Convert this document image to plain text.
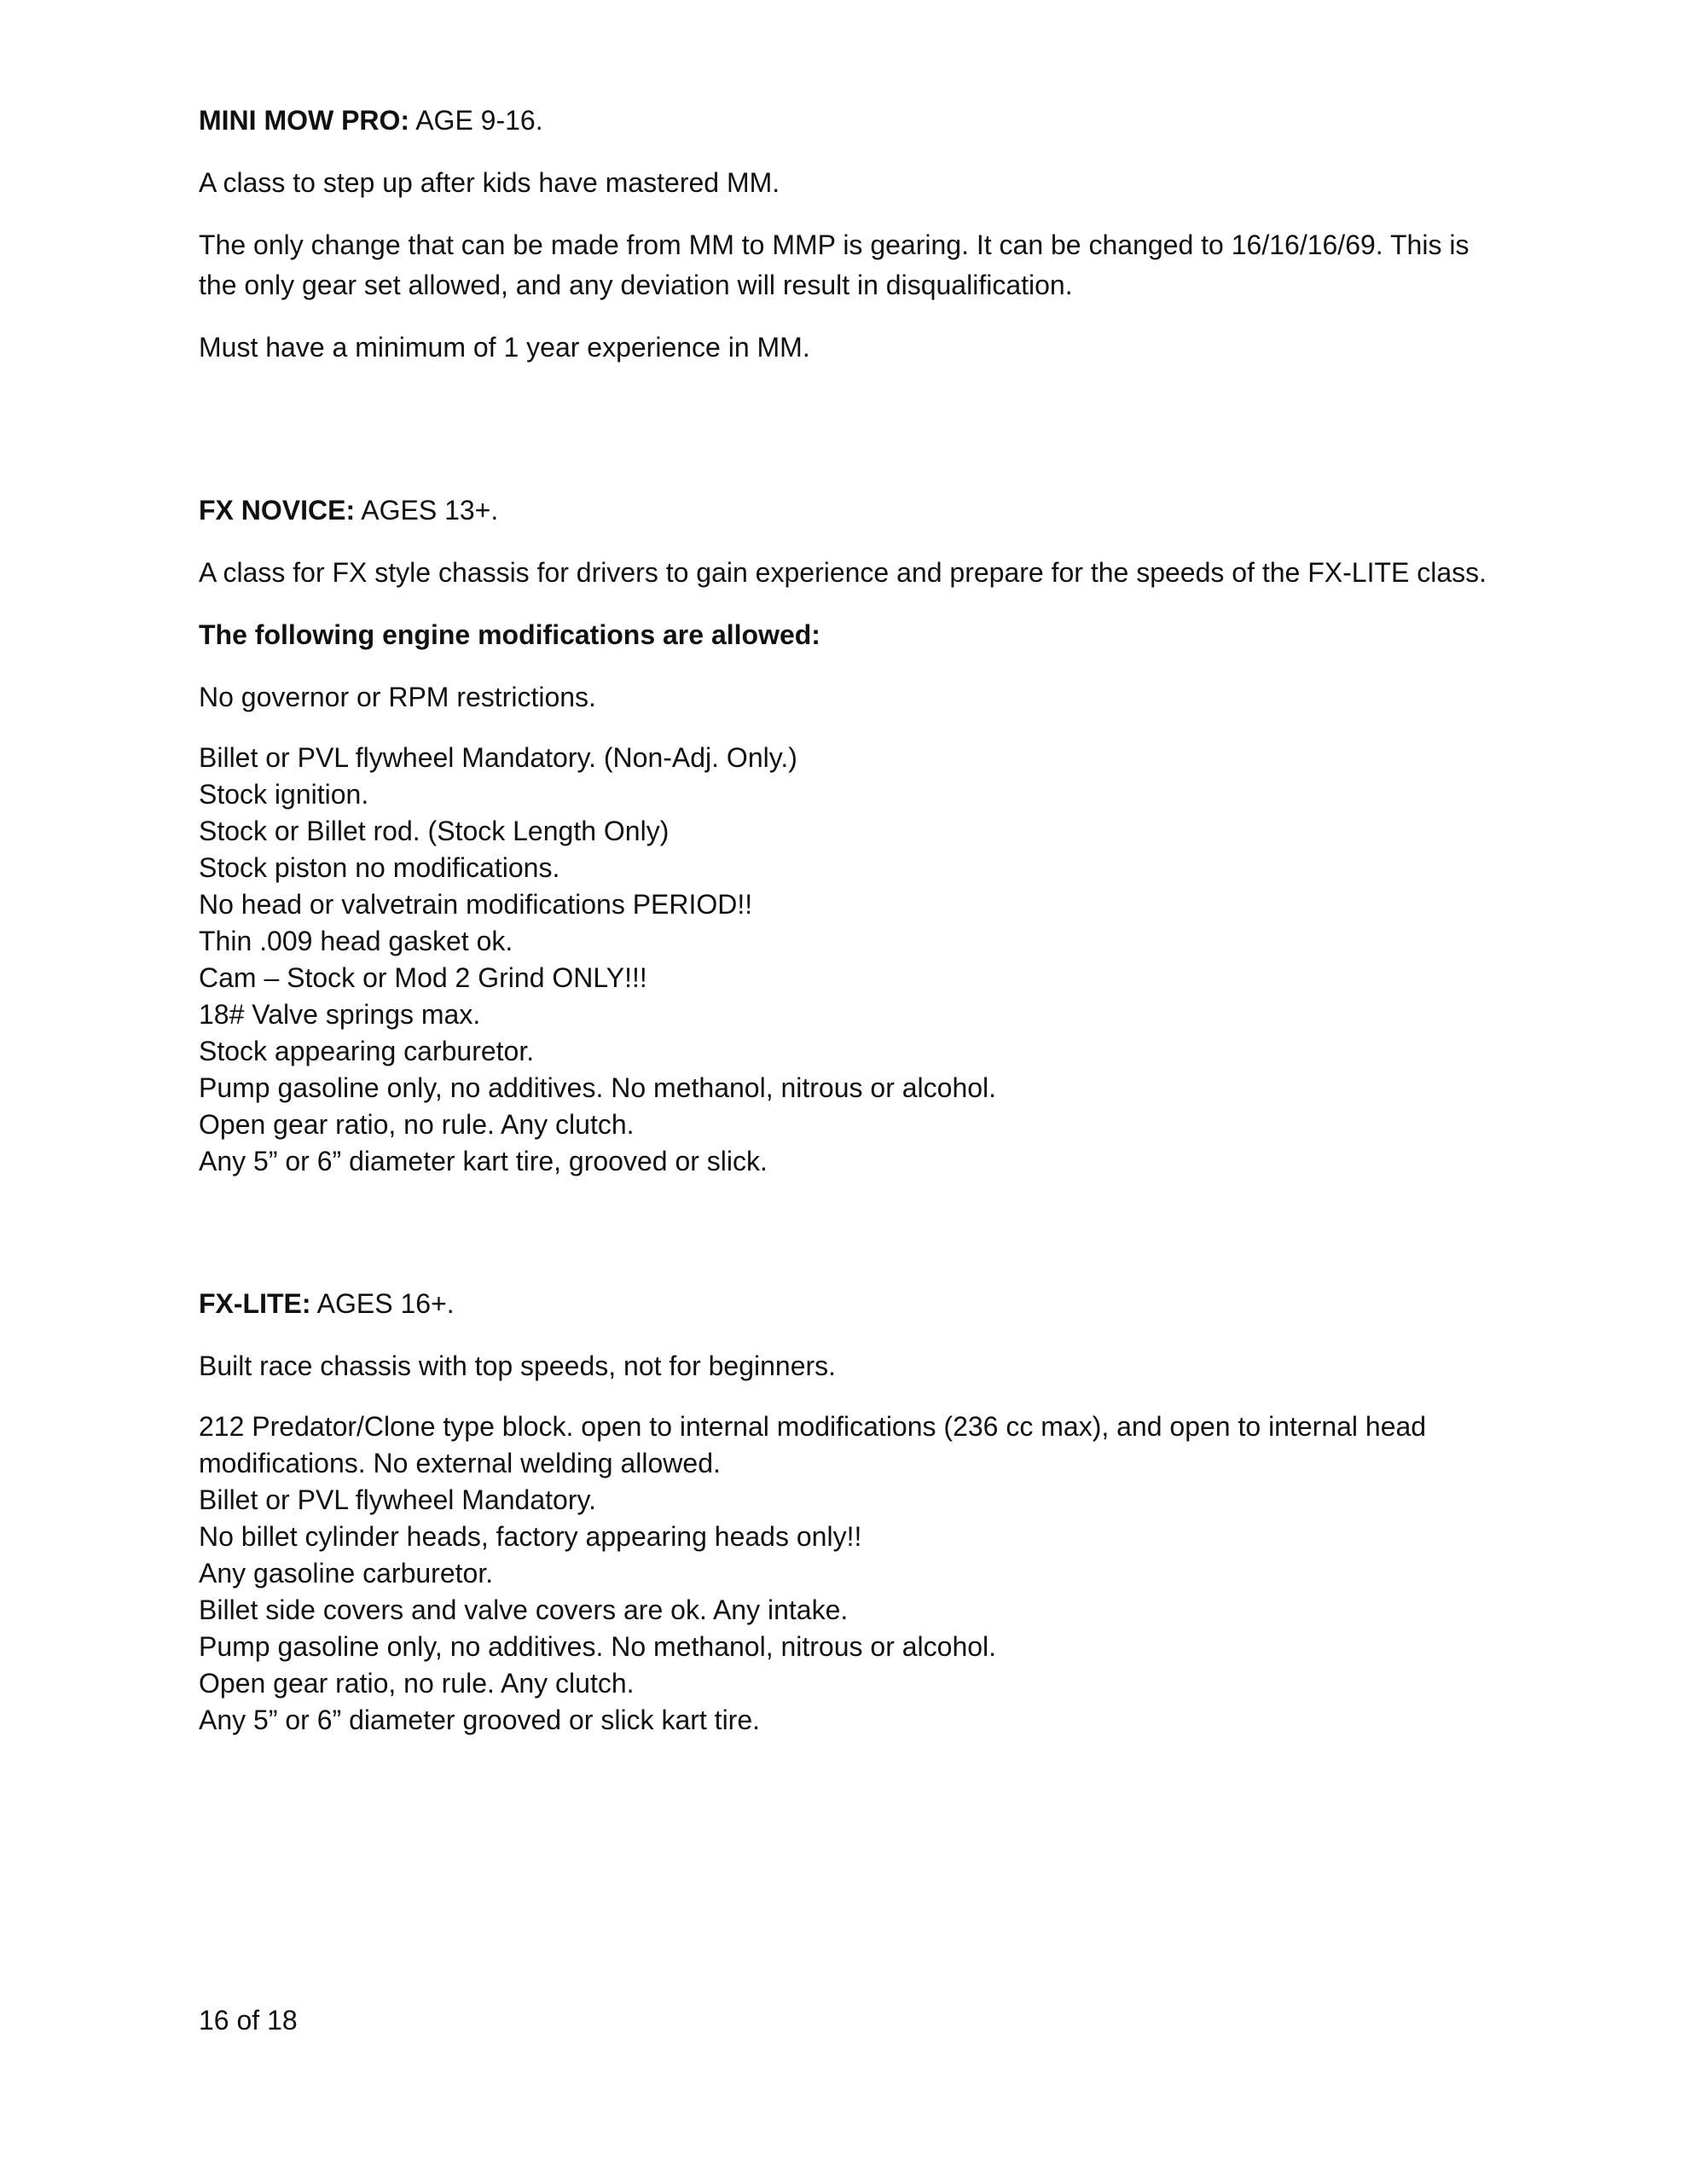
MINI MOW PRO: AGE 9-16.
A class to step up after kids have mastered MM.
The only change that can be made from MM to MMP is gearing. It can be changed to 16/16/16/69. This is the only gear set allowed, and any deviation will result in disqualification.
Must have a minimum of 1 year experience in MM.
FX NOVICE: AGES 13+.
A class for FX style chassis for drivers to gain experience and prepare for the speeds of the FX-LITE class.
The following engine modifications are allowed:
No governor or RPM restrictions.
Billet or PVL flywheel Mandatory. (Non-Adj. Only.)
Stock ignition.
Stock or Billet rod. (Stock Length Only)
Stock piston no modifications.
No head or valvetrain modifications PERIOD!!
Thin .009 head gasket ok.
Cam – Stock or Mod 2 Grind ONLY!!!
18# Valve springs max.
Stock appearing carburetor.
Pump gasoline only, no additives. No methanol, nitrous or alcohol.
Open gear ratio, no rule. Any clutch.
Any 5” or 6” diameter kart tire, grooved or slick.
FX-LITE: AGES 16+.
Built race chassis with top speeds, not for beginners.
212 Predator/Clone type block. open to internal modifications (236 cc max), and open to internal head modifications. No external welding allowed.
Billet or PVL flywheel Mandatory.
No billet cylinder heads, factory appearing heads only!!
Any gasoline carburetor.
Billet side covers and valve covers are ok. Any intake.
Pump gasoline only, no additives. No methanol, nitrous or alcohol.
Open gear ratio, no rule. Any clutch.
Any 5” or 6” diameter grooved or slick kart tire.
16 of 18
